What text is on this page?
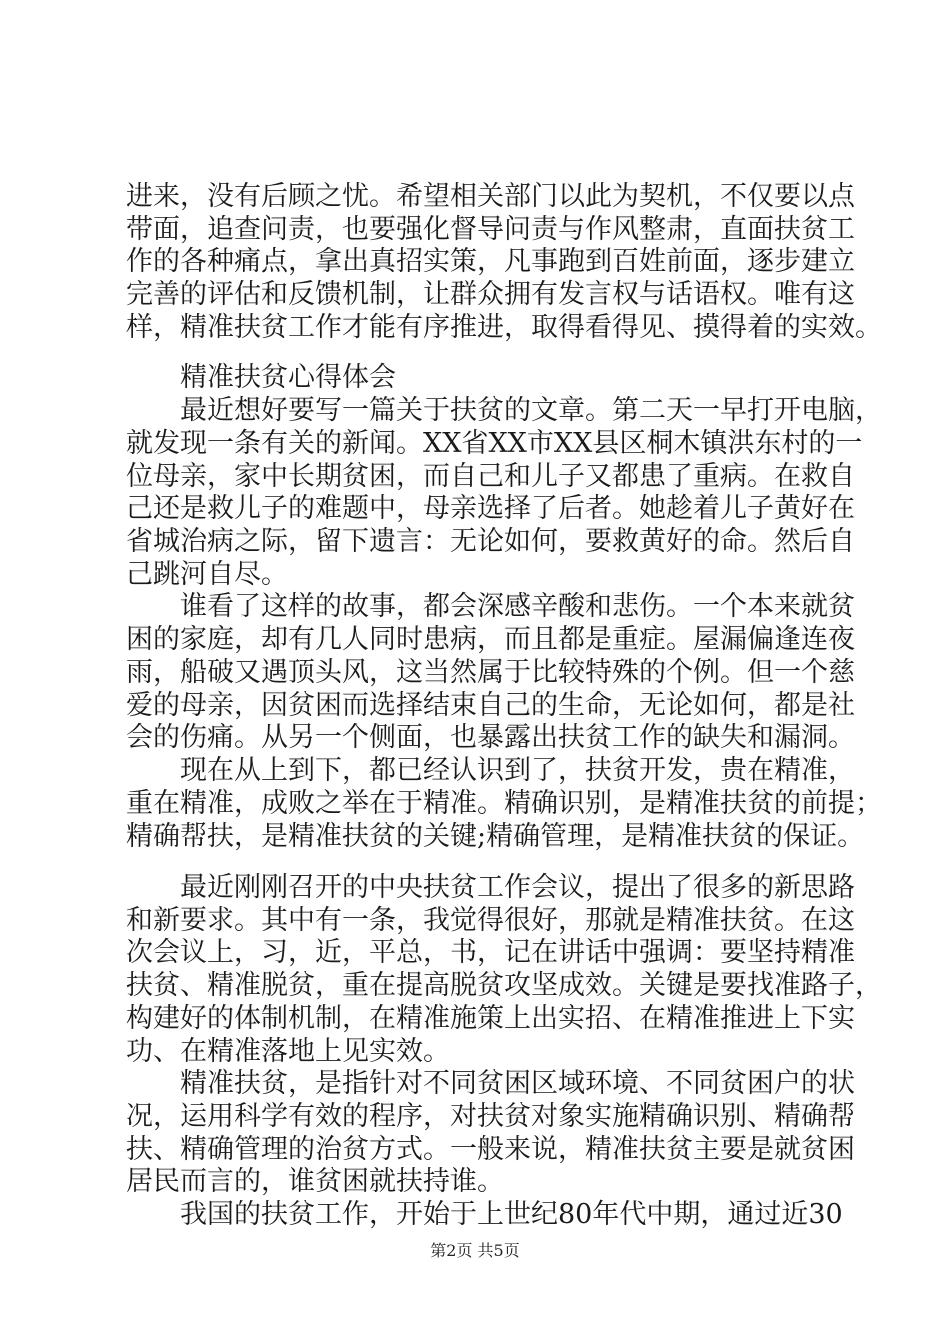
进来，没有后顾之忧。希望相关部门以此为契机，不仅要以点
带面，追查问责，也要强化督导问责与作风整肃，直面扶贫工
作的各种痛点，拿出真招实策，凡事跑到百姓前面，逐步建立
完善的评估和反馈机制，让群众拥有发言权与话语权。唯有这
样，精准扶贫工作才能有序推进，取得看得见、摸得着的实效。
精准扶贫心得体会
最近想好要写一篇关于扶贫的文章。第二天一早打开电脑，
就发现一条有关的新闻。XX省XX市XX县区桐木镇洪东村的一
位母亲，家中长期贫困，而自己和儿子又都患了重病。在救自
己还是救儿子的难题中，母亲选择了后者。她趁着儿子黄好在
省城治病之际，留下遗言：无论如何，要救黄好的命。然后自
己跳河自尽。
谁看了这样的故事，都会深感辛酸和悲伤。一个本来就贫
困的家庭，却有几人同时患病，而且都是重症。屋漏偏逢连夜
雨，船破又遇顶头风，这当然属于比较特殊的个例。但一个慈
爱的母亲，因贫困而选择结束自己的生命，无论如何，都是社
会的伤痛。从另一个侧面，也暴露出扶贫工作的缺失和漏洞。
现在从上到下，都已经认识到了，扶贫开发，贵在精准，
重在精准，成败之举在于精准。精确识别，是精准扶贫的前提；
精确帮扶，是精准扶贫的关键;精确管理，是精准扶贫的保证。
最近刚刚召开的中央扶贫工作会议，提出了很多的新思路
和新要求。其中有一条，我觉得很好，那就是精准扶贫。在这
次会议上，习，近，平总，书，记在讲话中强调：要坚持精准
扶贫、精准脱贫，重在提高脱贫攻坚成效。关键是要找准路子，
构建好的体制机制，在精准施策上出实招、在精准推进上下实
功、在精准落地上见实效。
精准扶贫，是指针对不同贫困区域环境、不同贫困户的状
况，运用科学有效的程序，对扶贫对象实施精确识别、精确帮
扶、精确管理的治贫方式。一般来说，精准扶贫主要是就贫困
居民而言的，谁贫困就扶持谁。
我国的扶贫工作，开始于上世纪80年代中期，通过近30
第2页 共5页
